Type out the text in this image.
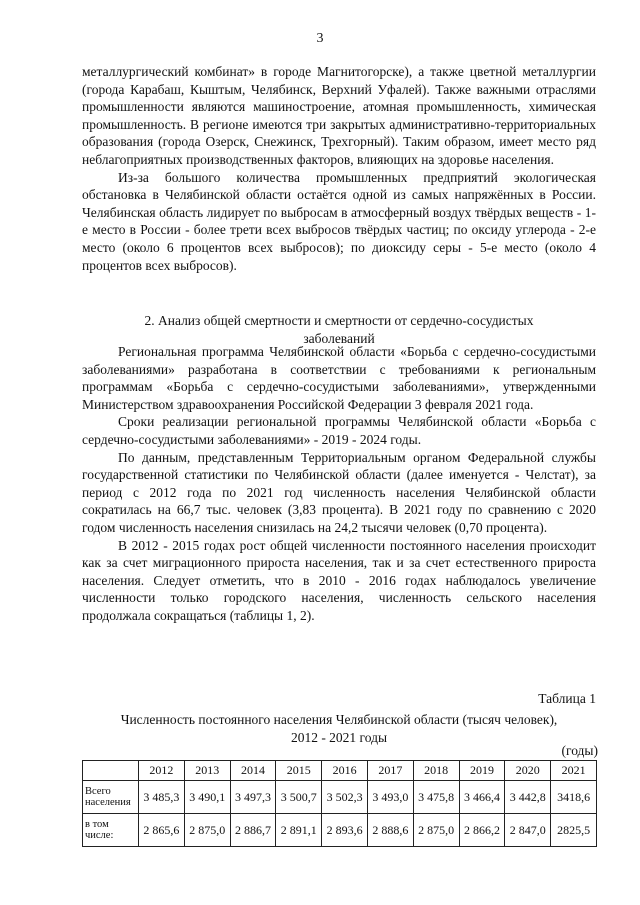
3

металлургический комбинат» в городе Магнитогорске), а также цветной металлургии (города Карабаш, Кыштым, Челябинск, Верхний Уфалей). Также важными отраслями промышленности являются машиностроение, атомная промышленность, химическая промышленность. В регионе имеются три закрытых административно-территориальных образования (города Озерск, Снежинск, Трехгорный). Таким образом, имеет место ряд неблагоприятных производственных факторов, влияющих на здоровье населения.

Из-за большого количества промышленных предприятий экологическая обстановка в Челябинской области остаётся одной из самых напряжённых в России. Челябинская область лидирует по выбросам в атмосферный воздух твёрдых веществ - 1-е место в России - более трети всех выбросов твёрдых частиц; по оксиду углерода - 2-е место (около 6 процентов всех выбросов); по диоксиду серы - 5-е место (около 4 процентов всех выбросов).

2. Анализ общей смертности и смертности от сердечно-сосудистых
заболеваний

Региональная программа Челябинской области «Борьба с сердечно-сосудистыми заболеваниями» разработана в соответствии с требованиями к региональным программам «Борьба с сердечно-сосудистыми заболеваниями», утвержденными Министерством здравоохранения Российской Федерации 3 февраля 2021 года.

Сроки реализации региональной программы Челябинской области «Борьба с сердечно-сосудистыми заболеваниями» - 2019 - 2024 годы.

По данным, представленным Территориальным органом Федеральной службы государственной статистики по Челябинской области (далее именуется - Челстат), за период с 2012 года по 2021 год численность населения Челябинской области сократилась на 66,7 тыс. человек (3,83 процента). В 2021 году по сравнению с 2020 годом численность населения снизилась на 24,2 тысячи человек (0,70 процента).

В 2012 - 2015 годах рост общей численности постоянного населения происходит как за счет миграционного прироста населения, так и за счет естественного прироста населения. Следует отметить, что в 2010 - 2016 годах наблюдалось увеличение численности только городского населения, численность сельского населения продолжала сокращаться (таблицы 1, 2).

Таблица 1
Численность постоянного населения Челябинской области (тысяч человек),
2012 - 2021 годы
(годы)
	2012	2013	2014	2015	2016	2017	2018	2019	2020	2021
Всего населения	3 485,3	3 490,1	3 497,3	3 500,7	3 502,3	3 493,0	3 475,8	3 466,4	3 442,8	3418,6
в том числе:	2 865,6	2 875,0	2 886,7	2 891,1	2 893,6	2 888,6	2 875,0	2 866,2	2 847,0	2825,5
